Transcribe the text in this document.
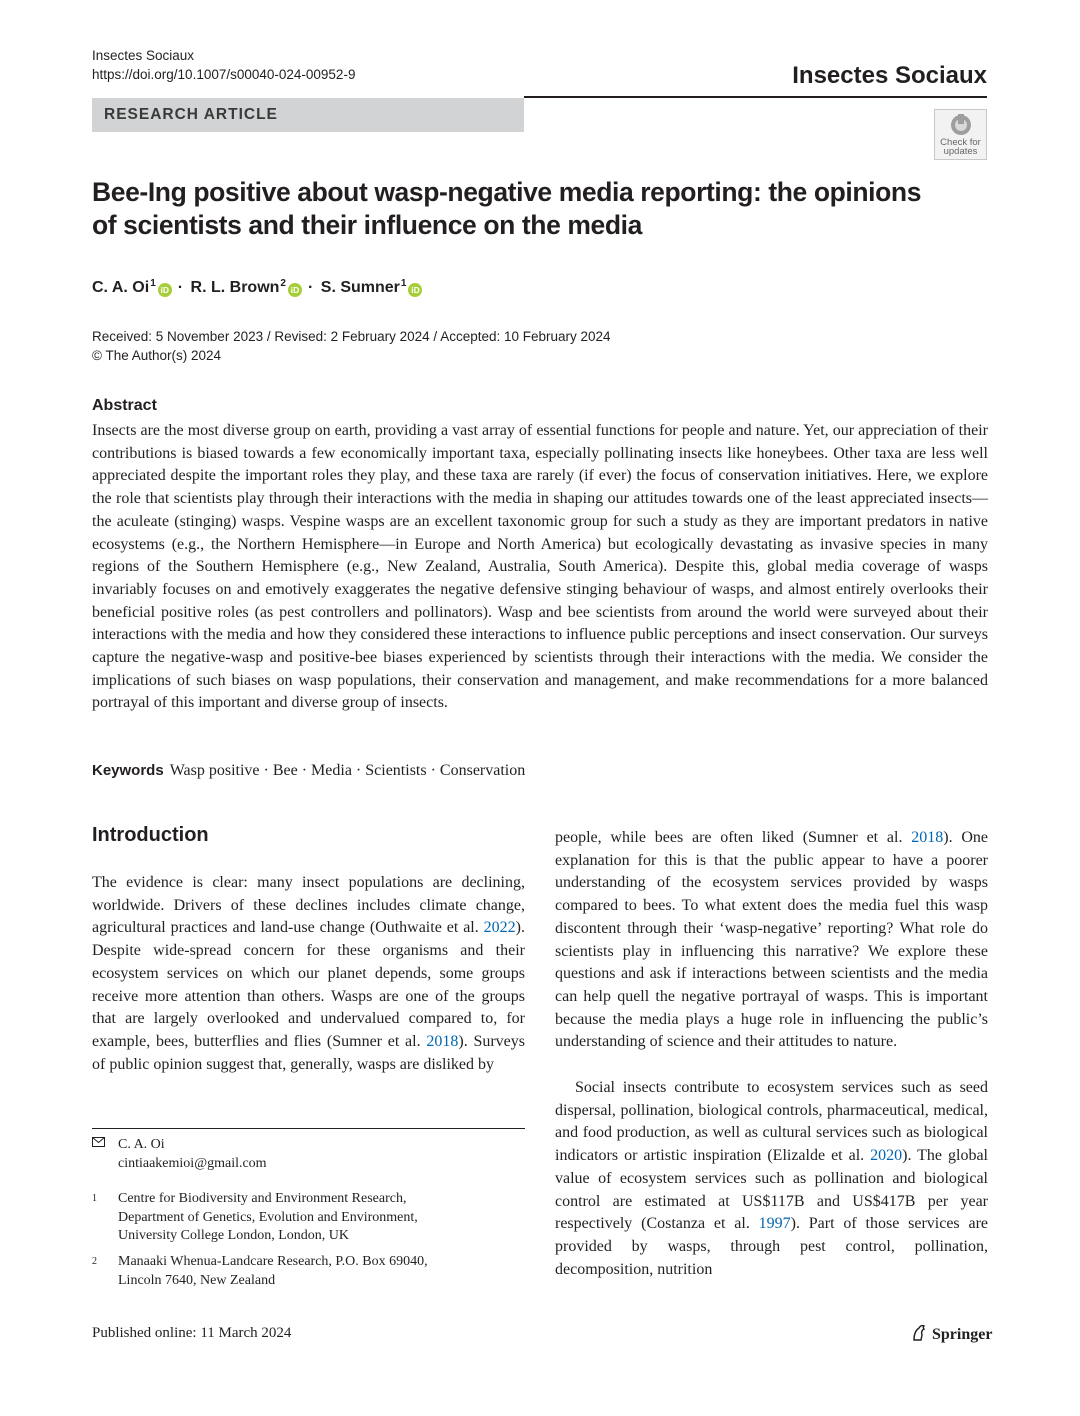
Insectes Sociaux
https://doi.org/10.1007/s00040-024-00952-9	Insectes Sociaux
RESEARCH ARTICLE
Check for
updates
Bee-Ing positive about wasp-negative media reporting: the opinions
of scientists and their influence on the media
C. A. $Oi^1iD \cdot R$. L. Brown$^2$iD · S. Sumner$^1$iD
Received: 5 November 2023 / Revised: 2 February 2024 / Accepted: 10 February 2024
© The Author(s) 2024
Abstract

Insects are the most diverse group on earth, providing a vast array of essential functions for people and nature. Yet, our appreciation of their contributions is biased towards a few economically important taxa, especially pollinating insects like honeybees. Other taxa are less well appreciated despite the important roles they play, and these taxa are rarely (if ever) the focus of conservation initiatives. Here, we explore the role that scientists play through their interactions with the media in shaping our attitudes towards one of the least appreciated insects—the aculeate (stinging) wasps. Vespine wasps are an excellent taxonomic group for such a study as they are important predators in native ecosystems (e.g., the Northern Hemisphere—in Europe and North America) but ecologically devastating as invasive species in many regions of the Southern Hemisphere (e.g., New Zealand, Australia, South America). Despite this, global media coverage of wasps invariably focuses on and emotively exaggerates the negative defensive stinging behaviour of wasps, and almost entirely overlooks their beneficial positive roles (as pest controllers and pollinators). Wasp and bee scientists from around the world were surveyed about their interactions with the media and how they considered these interactions to influence public perceptions and insect conservation. Our surveys capture the negative-wasp and positive-bee biases experienced by scientists through their interactions with the media. We consider the implications of such biases on wasp populations, their conservation and management, and make recommendations for a more balanced portrayal of this important and diverse group of insects.

Keywords Wasp positive · Bee · Media · Scientists · Conservation
Introduction

The evidence is clear: many insect populations are declining, worldwide. Drivers of these declines includes climate change, agricultural practices and land-use change (Outhwaite et al. 2022). Despite wide-spread concern for these organisms and their ecosystem services on which our planet depends, some groups receive more attention than others. Wasps are one of the groups that are largely overlooked and undervalued compared to, for example, bees, butterflies and flies (Sumner et al. 2018). Surveys of public opinion suggest that, generally, wasps are disliked by

people, while bees are often liked (Sumner et al. 2018). One explanation for this is that the public appear to have a poorer understanding of the ecosystem services provided by wasps compared to bees. To what extent does the media fuel this wasp discontent through their ‘wasp-negative’ reporting? What role do scientists play in influencing this narrative? We explore these questions and ask if interactions between scientists and the media can help quell the negative portrayal of wasps. This is important because the media plays a huge role in influencing the public’s understanding of science and their attitudes to nature.

Social insects contribute to ecosystem services such as seed dispersal, pollination, biological controls, pharmaceutical, medical, and food production, as well as cultural services such as biological indicators or artistic inspiration (Elizalde et al. 2020). The global value of ecosystem services such as pollination and biological control are estimated at US$117B and US$417B per year respectively (Costanza et al. 1997). Part of those services are provided by wasps, through pest control, pollination, decomposition, nutrition

C. A. Oi
cintiaakemioi@gmail.com
1 Centre for Biodiversity and Environment Research,
Department of Genetics, Evolution and Environment,
University College London, London, UK
2 Manaaki Whenua-Landcare Research, P.O. Box 69040,
Lincoln 7640, New Zealand
Published online: 11 March 2024	Springer
